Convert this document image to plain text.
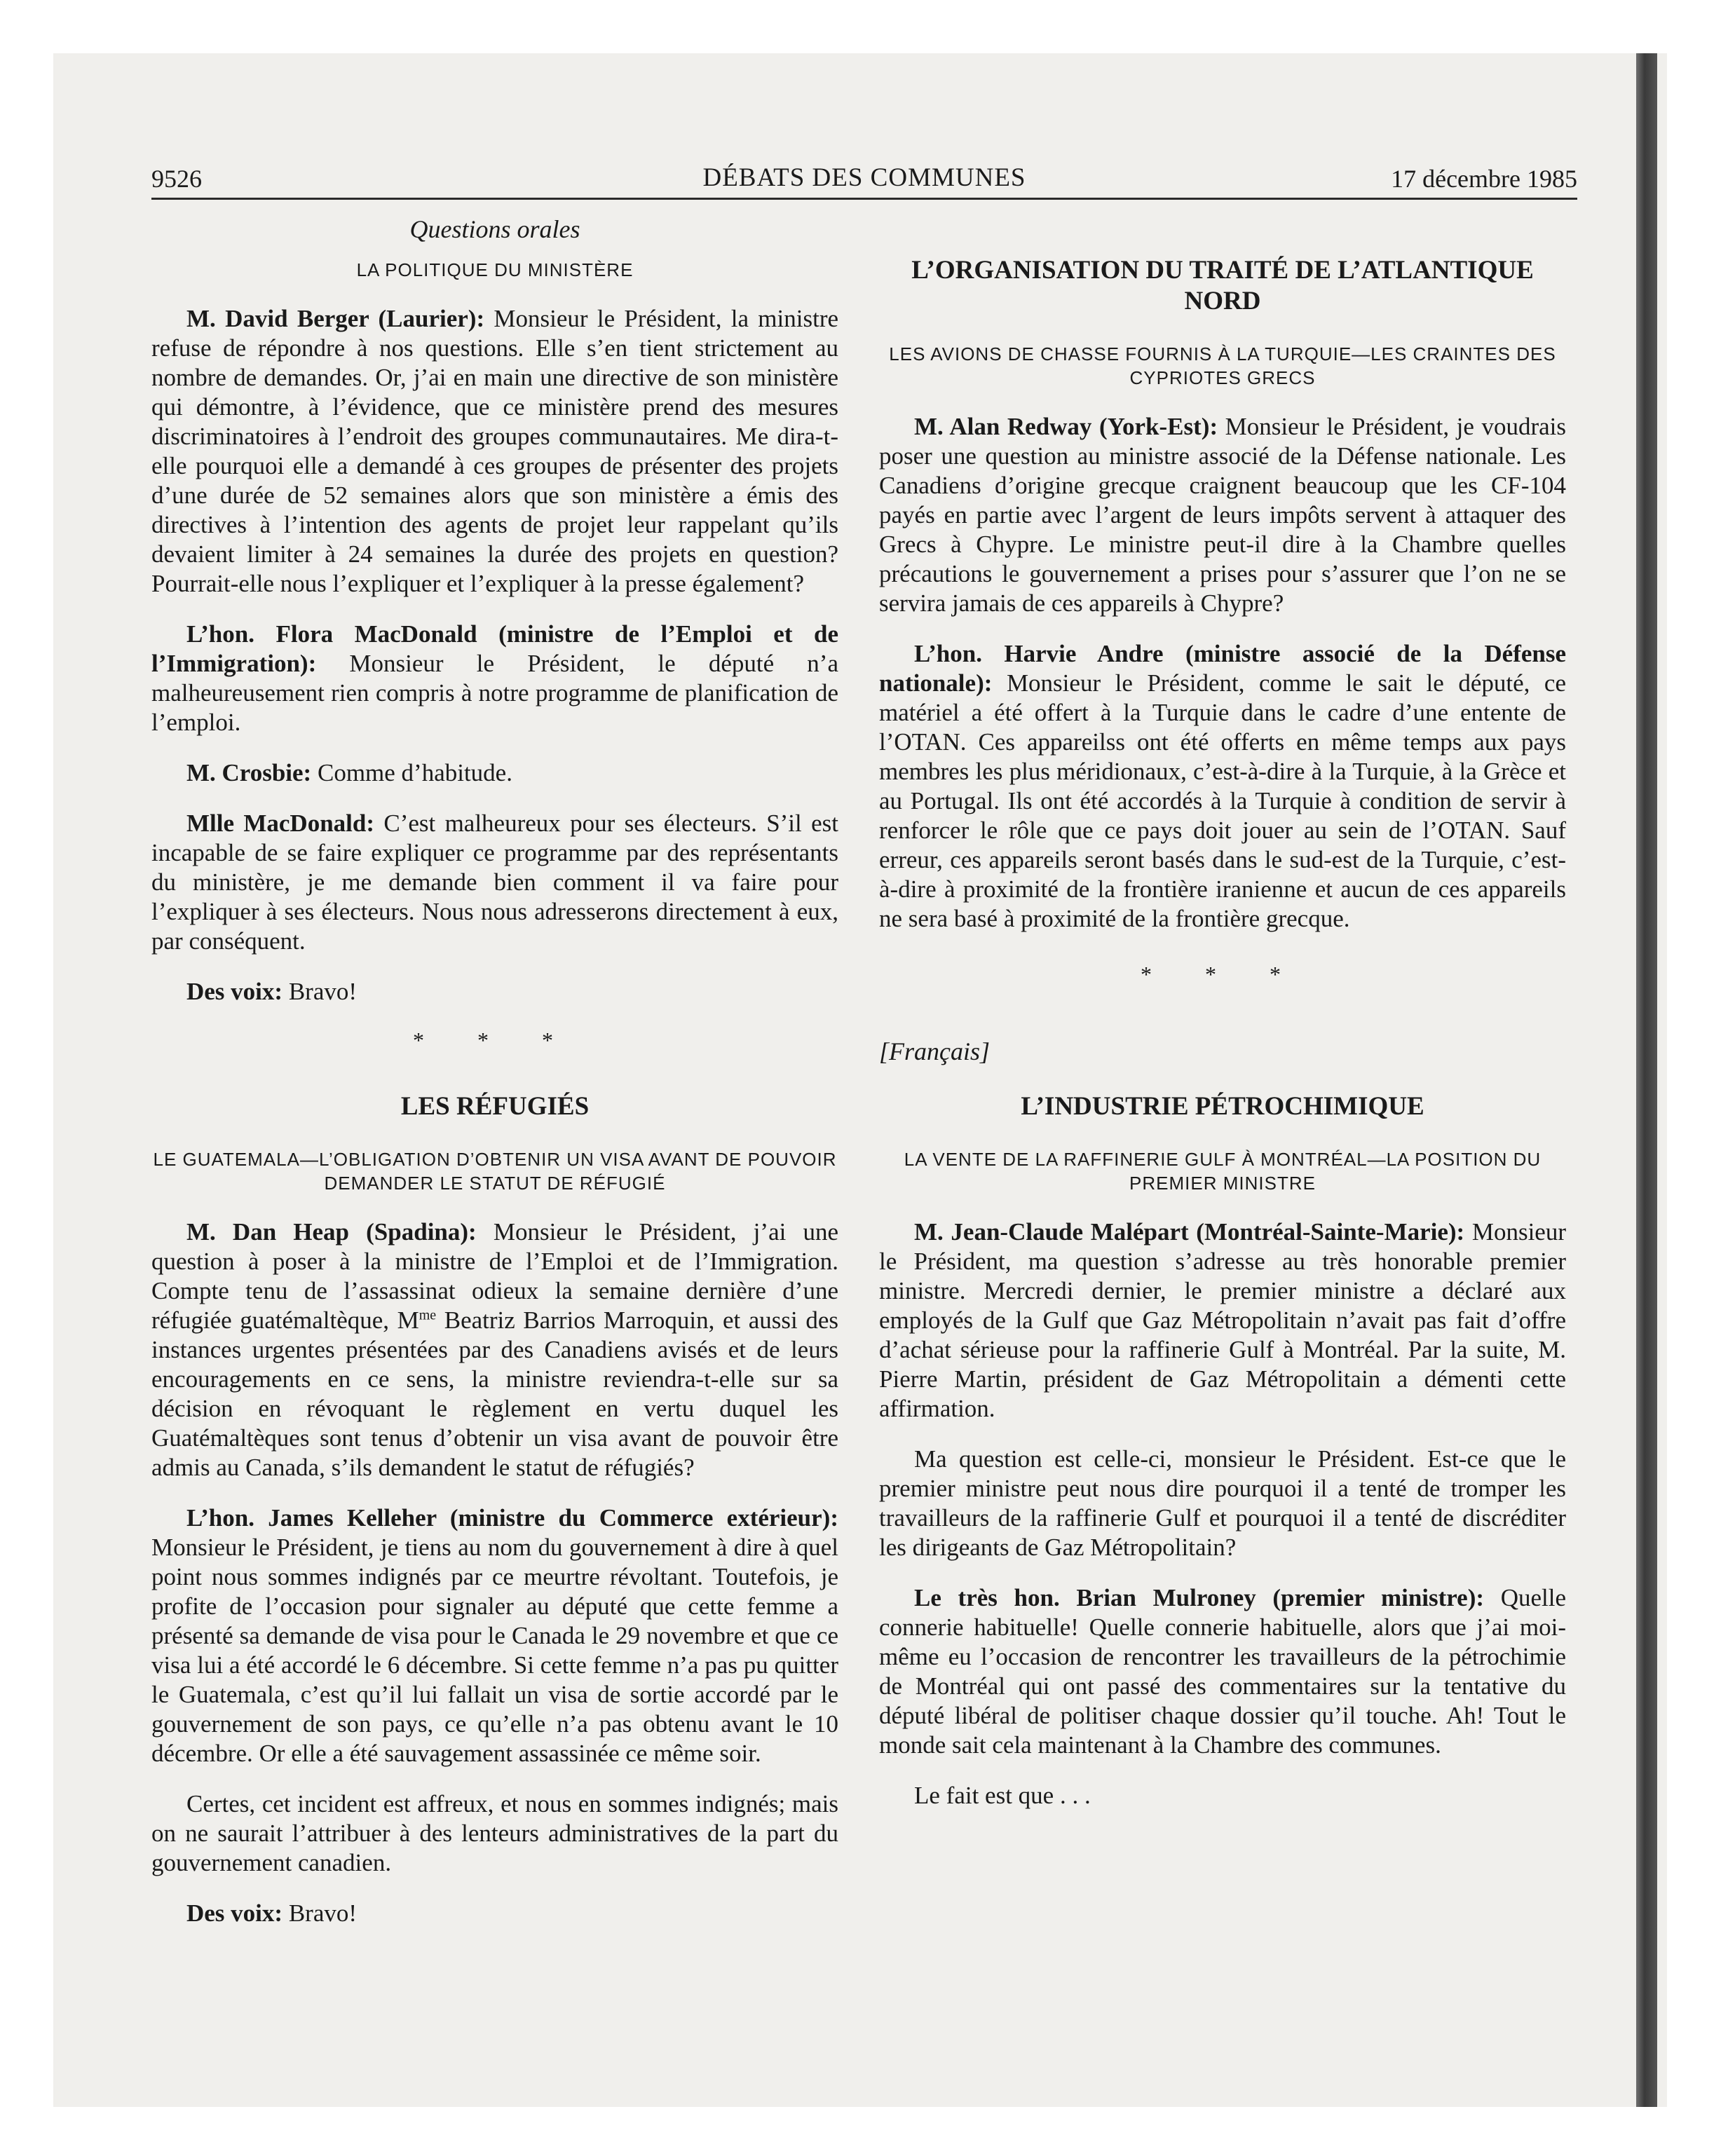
9526	DÉBATS DES COMMUNES	17 décembre 1985
Questions orales
LA POLITIQUE DU MINISTÈRE

M. David Berger (Laurier): Monsieur le Président, la ministre refuse de répondre à nos questions. Elle s’en tient strictement au nombre de demandes. Or, j’ai en main une directive de son ministère qui démontre, à l’évidence, que ce ministère prend des mesures discriminatoires à l’endroit des groupes communautaires. Me dira-t-elle pourquoi elle a demandé à ces groupes de présenter des projets d’une durée de 52 semaines alors que son ministère a émis des directives à l’intention des agents de projet leur rappelant qu’ils devaient limiter à 24 semaines la durée des projets en question? Pourrait-elle nous l’expliquer et l’expliquer à la presse également?

L’hon. Flora MacDonald (ministre de l’Emploi et de l’Immigration): Monsieur le Président, le député n’a malheureusement rien compris à notre programme de planification de l’emploi.

M. Crosbie: Comme d’habitude.

Mlle MacDonald: C’est malheureux pour ses électeurs. S’il est incapable de se faire expliquer ce programme par des représentants du ministère, je me demande bien comment il va faire pour l’expliquer à ses électeurs. Nous nous adresserons directement à eux, par conséquent.

Des voix: Bravo!

* * *
LES RÉFUGIÉS
LE GUATEMALA—L’OBLIGATION D’OBTENIR UN VISA AVANT DE POUVOIR DEMANDER LE STATUT DE RÉFUGIÉ

M. Dan Heap (Spadina): Monsieur le Président, j’ai une question à poser à la ministre de l’Emploi et de l’Immigration. Compte tenu de l’assassinat odieux la semaine dernière d’une réfugiée guatémaltèque, $M^{me}$ Beatriz Barrios Marroquin, et aussi des instances urgentes présentées par des Canadiens avisés et de leurs encouragements en ce sens, la ministre reviendra-t-elle sur sa décision en révoquant le règlement en vertu duquel les Guatémaltèques sont tenus d’obtenir un visa avant de pouvoir être admis au Canada, s’ils demandent le statut de réfugiés?

L’hon. James Kelleher (ministre du Commerce extérieur): Monsieur le Président, je tiens au nom du gouvernement à dire à quel point nous sommes indignés par ce meurtre révoltant. Toutefois, je profite de l’occasion pour signaler au député que cette femme a présenté sa demande de visa pour le Canada le 29 novembre et que ce visa lui a été accordé le 6 décembre. Si cette femme n’a pas pu quitter le Guatemala, c’est qu’il lui fallait un visa de sortie accordé par le gouvernement de son pays, ce qu’elle n’a pas obtenu avant le 10 décembre. Or elle a été sauvagement assassinée ce même soir.

Certes, cet incident est affreux, et nous en sommes indignés; mais on ne saurait l’attribuer à des lenteurs administratives de la part du gouvernement canadien.

Des voix: Bravo!

L’ORGANISATION DU TRAITÉ DE L’ATLANTIQUE NORD
LES AVIONS DE CHASSE FOURNIS À LA TURQUIE—LES CRAINTES DES CYPRIOTES GRECS

M. Alan Redway (York-Est): Monsieur le Président, je voudrais poser une question au ministre associé de la Défense nationale. Les Canadiens d’origine grecque craignent beaucoup que les CF-104 payés en partie avec l’argent de leurs impôts servent à attaquer des Grecs à Chypre. Le ministre peut-il dire à la Chambre quelles précautions le gouvernement a prises pour s’assurer que l’on ne se servira jamais de ces appareils à Chypre?

L’hon. Harvie Andre (ministre associé de la Défense nationale): Monsieur le Président, comme le sait le député, ce matériel a été offert à la Turquie dans le cadre d’une entente de l’OTAN. Ces appareilss ont été offerts en même temps aux pays membres les plus méridionaux, c’est-à-dire à la Turquie, à la Grèce et au Portugal. Ils ont été accordés à la Turquie à condition de servir à renforcer le rôle que ce pays doit jouer au sein de l’OTAN. Sauf erreur, ces appareils seront basés dans le sud-est de la Turquie, c’est-à-dire à proximité de la frontière iranienne et aucun de ces appareils ne sera basé à proximité de la frontière grecque.

* * *
[Français]
L’INDUSTRIE PÉTROCHIMIQUE
LA VENTE DE LA RAFFINERIE GULF À MONTRÉAL—LA POSITION DU PREMIER MINISTRE

M. Jean-Claude Malépart (Montréal-Sainte-Marie): Monsieur le Président, ma question s’adresse au très honorable premier ministre. Mercredi dernier, le premier ministre a déclaré aux employés de la Gulf que Gaz Métropolitain n’avait pas fait d’offre d’achat sérieuse pour la raffinerie Gulf à Montréal. Par la suite, M. Pierre Martin, président de Gaz Métropolitain a démenti cette affirmation.

Ma question est celle-ci, monsieur le Président. Est-ce que le premier ministre peut nous dire pourquoi il a tenté de tromper les travailleurs de la raffinerie Gulf et pourquoi il a tenté de discréditer les dirigeants de Gaz Métropolitain?

Le très hon. Brian Mulroney (premier ministre): Quelle connerie habituelle! Quelle connerie habituelle, alors que j’ai moi-même eu l’occasion de rencontrer les travailleurs de la pétrochimie de Montréal qui ont passé des commentaires sur la tentative du député libéral de politiser chaque dossier qu’il touche. Ah! Tout le monde sait cela maintenant à la Chambre des communes.

Le fait est que . . .
